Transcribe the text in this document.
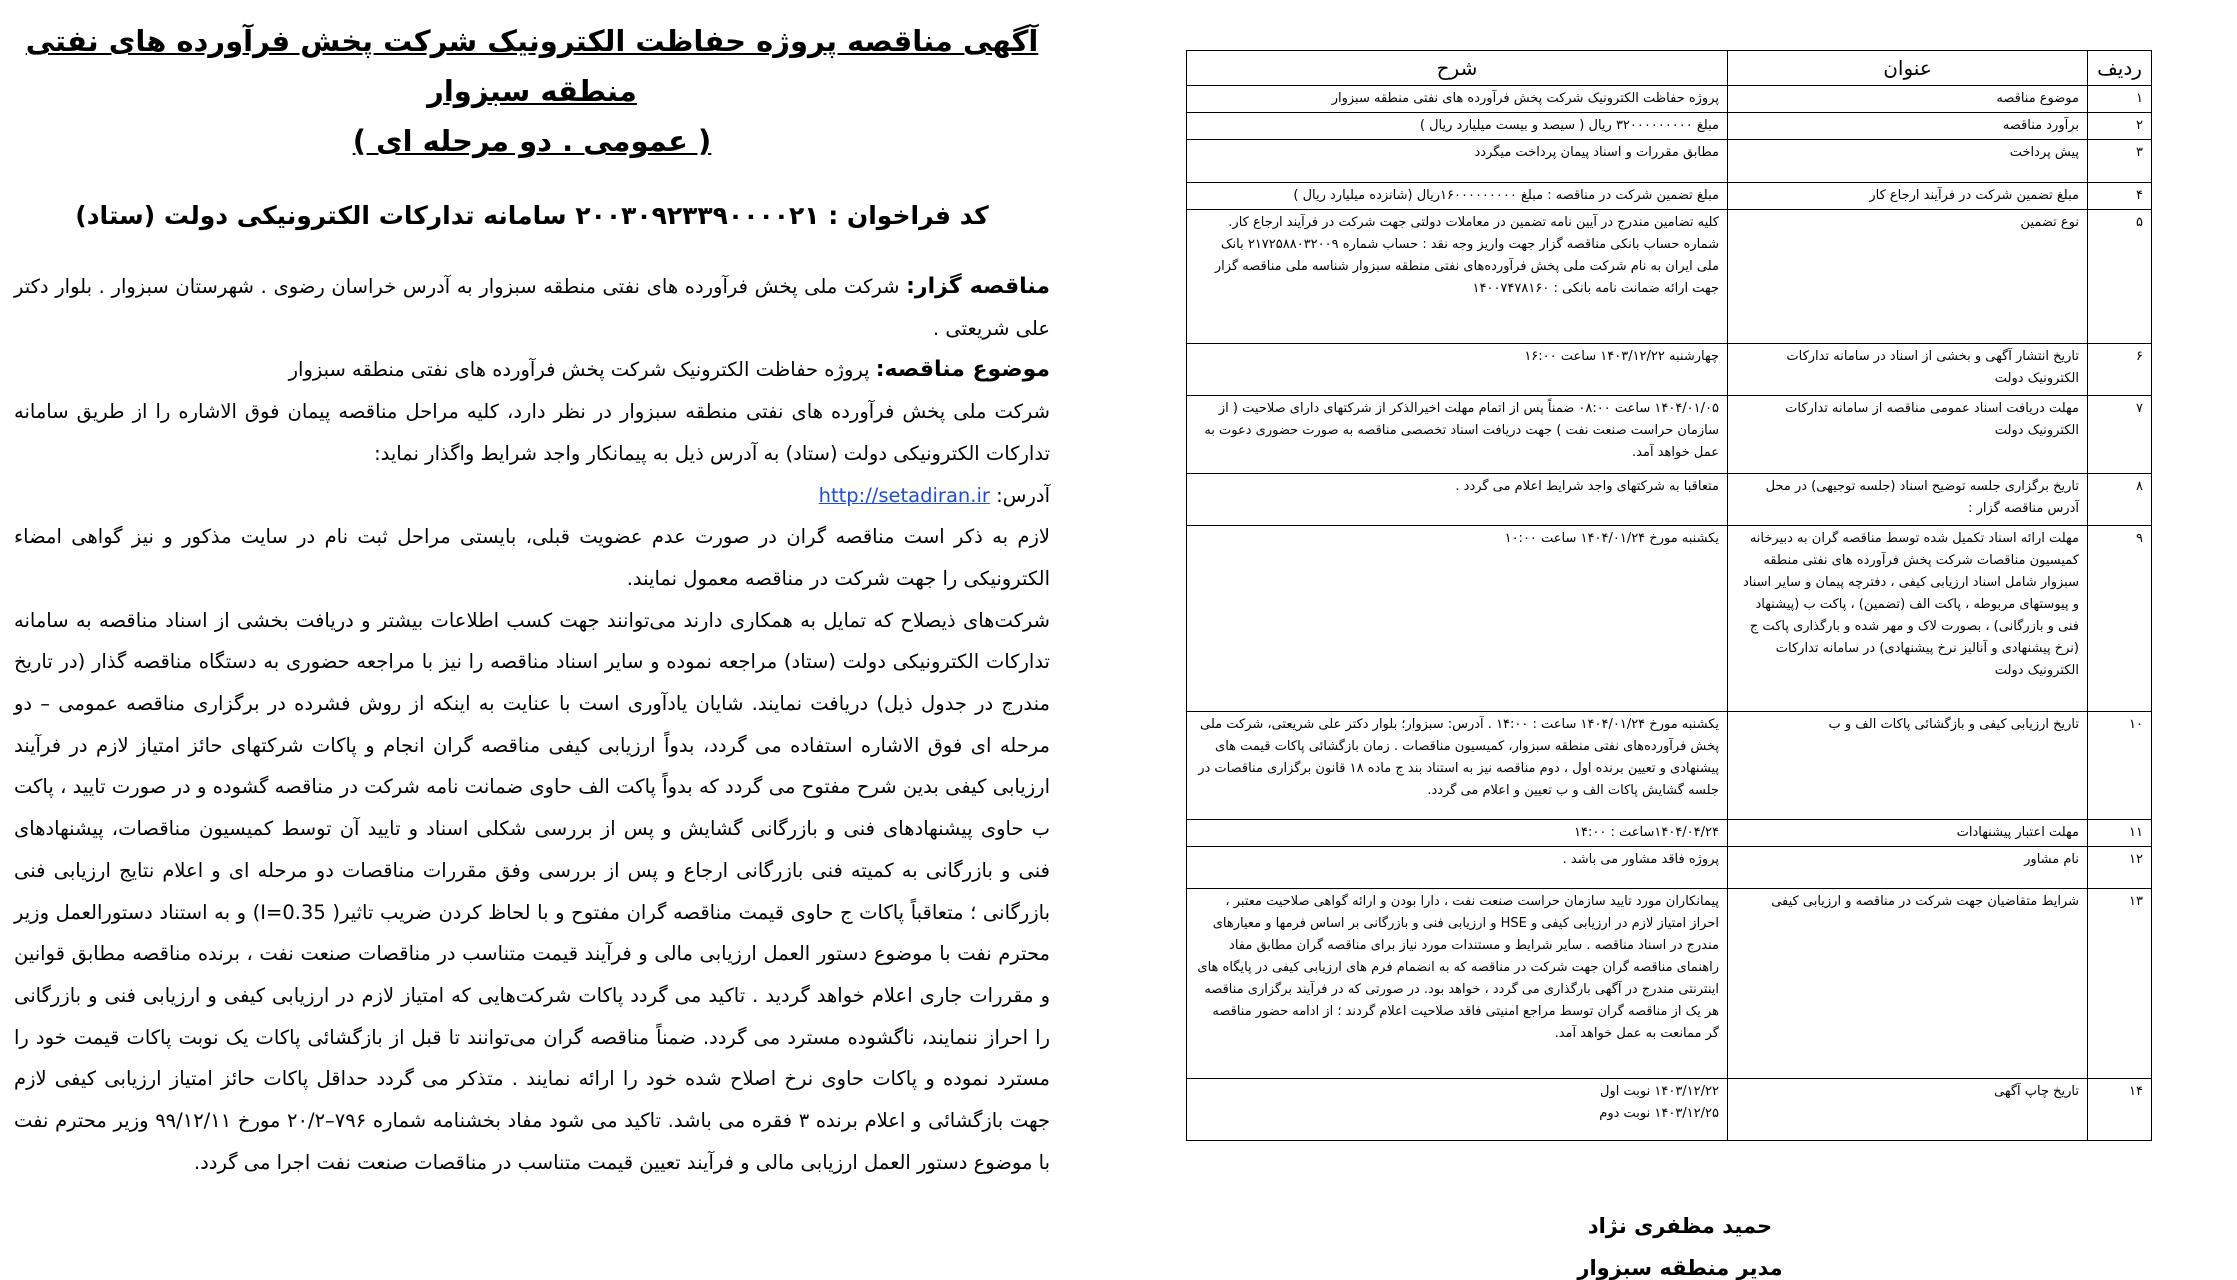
آگهی مناقصه پروژه حفاظت الکترونیک شرکت پخش فرآورده های نفتی منطقه سبزوار
( عمومی . دو مرحله ای )
کد فراخوان : ۲۰۰۳۰۹۲۳۳۹۰۰۰۰۲۱ سامانه تدارکات الکترونیکی دولت (ستاد)
مناقصه گزار: شرکت ملی پخش فرآورده های نفتی منطقه سبزوار به آدرس خراسان رضوی . شهرستان سبزوار . بلوار دکتر علی شریعتی .
موضوع مناقصه: پروژه حفاظت الکترونیک شرکت پخش فرآورده های نفتی منطقه سبزوار
شرکت ملی پخش فرآورده های نفتی منطقه سبزوار در نظر دارد، کلیه مراحل مناقصه پیمان فوق الاشاره را از طریق سامانه تدارکات الکترونیکی دولت (ستاد) به آدرس ذیل به پیمانکار واجد شرایط واگذار نماید:
آدرس: http://setadiran.ir
لازم به ذکر است مناقصه گران در صورت عدم عضویت قبلی، بایستی مراحل ثبت نام در سایت مذکور و نیز گواهی امضاء الکترونیکی را جهت شرکت در مناقصه معمول نمایند.
شرکت‌های ذیصلاح که تمایل به همکاری دارند می‌توانند جهت کسب اطلاعات بیشتر و دریافت بخشی از اسناد مناقصه به سامانه تدارکات الکترونیکی دولت (ستاد) مراجعه نموده و سایر اسناد مناقصه را نیز با مراجعه حضوری به دستگاه مناقصه گذار (در تاریخ مندرج در جدول ذیل) دریافت نمایند. شایان یادآوری است با عنایت به اینکه از روش فشرده در برگزاری مناقصه عمومی – دو مرحله ای فوق الاشاره استفاده می گردد، بدواً ارزیابی کیفی مناقصه گران انجام و پاکات شرکتهای حائز امتیاز لازم در فرآیند ارزیابی کیفی بدین شرح مفتوح می گردد که بدواً پاکت الف حاوی ضمانت نامه شرکت در مناقصه گشوده و در صورت تایید ، پاکت ب حاوی پیشنهادهای فنی و بازرگانی گشایش و پس از بررسی شکلی اسناد و تایید آن توسط کمیسیون مناقصات، پیشنهادهای فنی و بازرگانی به کمیته فنی بازرگانی ارجاع و پس از بررسی وفق مقررات مناقصات دو مرحله ای و اعلام نتایج ارزیابی فنی بازرگانی ؛ متعاقباً پاکات ج حاوی قیمت مناقصه گران مفتوح و با لحاظ کردن ضریب تاثیر( I=0.35) و به استناد دستورالعمل وزیر محترم نفت با موضوع دستور العمل ارزیابی مالی و فرآیند قیمت متناسب در مناقصات صنعت نفت ، برنده مناقصه مطابق قوانین و مقررات جاری اعلام خواهد گردید . تاکید می گردد پاکات شرکت‌هایی که امتیاز لازم در ارزیابی کیفی و ارزیابی فنی و بازرگانی را احراز ننمایند، نا‌گشوده مسترد می گردد. ضمناً مناقصه گران می‌توانند تا قبل از بازگشائی پاکات یک نوبت پاکات قیمت خود را مسترد نموده و پاکات حاوی نرخ اصلاح شده خود را ارائه نمایند . متذکر می گردد حداقل پاکات حائز امتیاز ارزیابی کیفی لازم جهت بازگشائی و اعلام برنده ۳ فقره می باشد. تاکید می شود مفاد بخشنامه شماره ۷۹۶–۲۰/۲ مورخ ۹۹/۱۲/۱۱ وزیر محترم نفت با موضوع دستور العمل ارزیابی مالی و فرآیند تعیین قیمت متناسب در مناقصات صنعت نفت اجرا می گردد.
ردیف	عنوان	شرح
۱	موضوع مناقصه	پروژه حفاظت الکترونیک شرکت پخش فرآورده های نفتی منطقه سبزوار
۲	برآورد مناقصه	مبلغ ۳۲۰۰۰۰۰۰۰۰۰ ریال ( سیصد و بیست میلیارد ریال )
۳	پیش پرداخت	مطابق مقررات و اسناد پیمان پرداخت میگردد
۴	مبلغ تضمین شرکت در فرآیند ارجاع کار	مبلغ تضمین شرکت در مناقصه : مبلغ ۱۶۰۰۰۰۰۰۰۰۰ریال (شانزده میلیارد ریال )
۵	نوع تضمین	کلیه تضامین مندرج در آیین نامه تضمین در معاملات دولتی جهت شرکت در فرآیند ارجاع کار. شماره حساب بانکی مناقصه گزار جهت واریز وجه نقد : حساب شماره ۲۱۷۲۵۸۸۰۳۲۰۰۹ بانک ملی ایران به نام شرکت ملی پخش فرآورده‌های نفتی منطقه سبزوار شناسه ملی مناقصه گزار جهت ارائه ضمانت نامه بانکی : ۱۴۰۰۷۴۷۸۱۶۰
۶	تاریخ انتشار آگهی و بخشی از اسناد در سامانه تدارکات الکترونیک دولت	چهارشنبه ۱۴۰۳/۱۲/۲۲ ساعت ۱۶:۰۰
۷	مهلت دریافت اسناد عمومی مناقصه از سامانه تدارکات الکترونیک دولت	۱۴۰۴/۰۱/۰۵ ساعت ۰۸:۰۰ ضمناً پس از اتمام مهلت اخیرالذکر از شرکتهای دارای صلاحیت ( از سازمان حراست صنعت نفت ) جهت دریافت اسناد تخصصی مناقصه به صورت حضوری دعوت به عمل خواهد آمد.
۸	تاریخ برگزاری جلسه توضیح اسناد (جلسه توجیهی) در محل آدرس مناقصه گزار :	متعاقبا به شرکتهای واجد شرایط اعلام می گردد .
۹	مهلت ارائه اسناد تکمیل شده توسط مناقصه گران به دبیرخانه کمیسیون مناقصات شرکت پخش فرآورده های نفتی منطقه سبزوار شامل اسناد ارزیابی کیفی ، دفترچه پیمان و سایر اسناد و پیوستهای مربوطه ، پاکت الف (تضمین) ، پاکت ب (پیشنهاد فنی و بازرگانی) ، بصورت لاک و مهر شده و بارگذاری پاکت ج (نرخ پیشنهادی و آنالیز نرخ پیشنهادی) در سامانه تدارکات الکترونیک دولت	یکشنبه مورخ ۱۴۰۴/۰۱/۲۴ ساعت ۱۰:۰۰
۱۰	تاریخ ارزیابی کیفی و بازگشائی پاکات الف و ب	یکشنبه مورخ ۱۴۰۴/۰۱/۲۴ ساعت : ۱۴:۰۰ . آدرس: سبزوار؛ بلوار دکتر علی شریعتی، شرکت ملی پخش فرآورده‌های نفتی منطقه سبزوار، کمیسیون مناقصات . زمان بازگشائی پاکات قیمت های پیشنهادی و تعیین برنده اول ، دوم مناقصه نیز به استناد بند ج ماده ۱۸ قانون برگزاری مناقصات در جلسه گشایش پاکات الف و ب تعیین و اعلام می گردد.
۱۱	مهلت اعتبار پیشنهادات	۱۴۰۴/۰۴/۲۴ساعت : ۱۴:۰۰
۱۲	نام مشاور	پروژه فاقد مشاور می باشد .
۱۳	شرایط متقاضیان جهت شرکت در مناقصه و ارزیابی کیفی	پیمانکاران مورد تایید سازمان حراست صنعت نفت ، دارا بودن و ارائه گواهی صلاحیت معتبر ، احراز امتیاز لازم در ارزیابی کیفی و HSE و ارزیابی فنی و بازرگانی بر اساس فرمها و معیارهای مندرج در اسناد مناقصه . سایر شرایط و مستندات مورد نیاز برای مناقصه گران مطابق مفاد راهنمای مناقصه گران جهت شرکت در مناقصه که به انضمام فرم های ارزیابی کیفی در پایگاه های اینترنتی مندرج در آگهی بارگذاری می گردد ، خواهد بود. در صورتی که در فرآیند برگزاری مناقصه هر یک از مناقصه گران توسط مراجع امنیتی فاقد صلاحیت اعلام گردند ؛ از ادامه حضور مناقصه گر ممانعت به عمل خواهد آمد.
۱۴	تاریخ چاپ آگهی	۱۴۰۳/۱۲/۲۲ نوبت اول
۱۴۰۳/۱۲/۲۵ نوبت دوم
حمید مظفری نژاد
مدیر منطقه سبزوار
